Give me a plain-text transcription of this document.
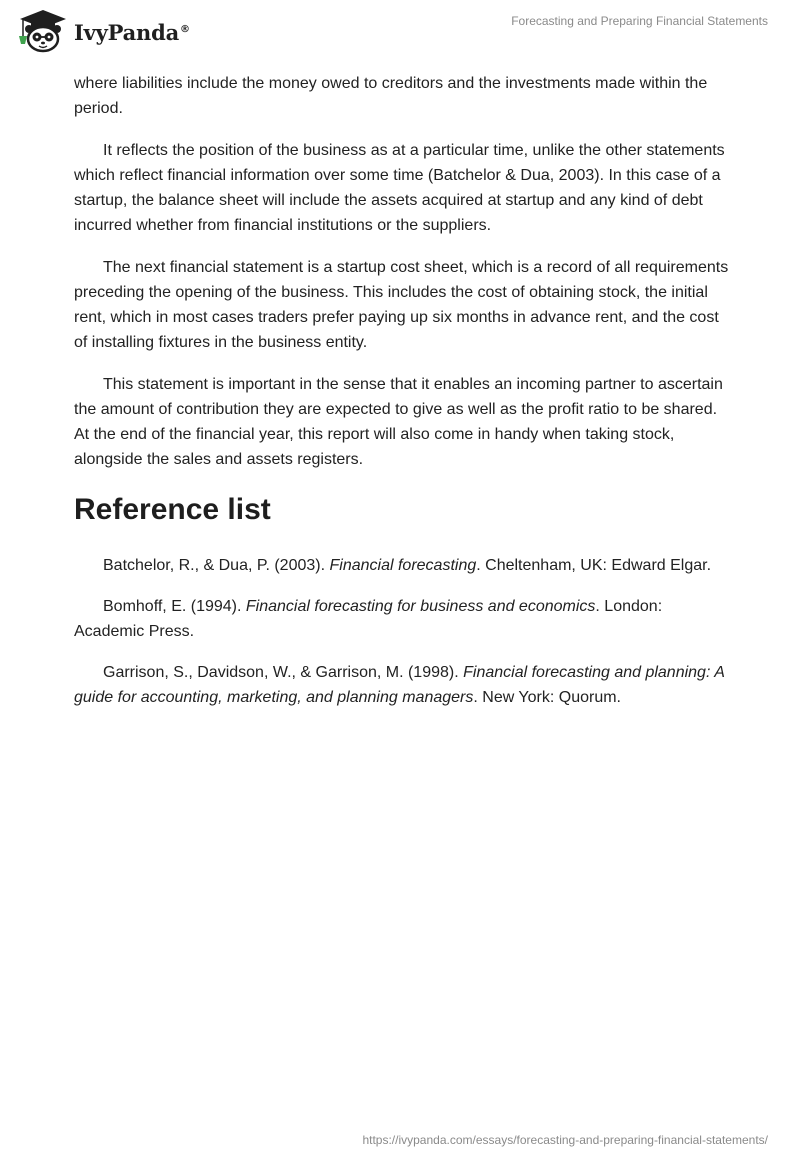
IvyPanda®
Forecasting and Preparing Financial Statements

where liabilities include the money owed to creditors and the investments made within the period.

It reflects the position of the business as at a particular time, unlike the other statements which reflect financial information over some time (Batchelor & Dua, 2003). In this case of a startup, the balance sheet will include the assets acquired at startup and any kind of debt incurred whether from financial institutions or the suppliers.

The next financial statement is a startup cost sheet, which is a record of all requirements preceding the opening of the business. This includes the cost of obtaining stock, the initial rent, which in most cases traders prefer paying up six months in advance rent, and the cost of installing fixtures in the business entity.

This statement is important in the sense that it enables an incoming partner to ascertain the amount of contribution they are expected to give as well as the profit ratio to be shared. At the end of the financial year, this report will also come in handy when taking stock, alongside the sales and assets registers.

Reference list

Batchelor, R., & Dua, P. (2003). Financial forecasting. Cheltenham, UK: Edward Elgar.

Bomhoff, E. (1994). Financial forecasting for business and economics. London: Academic Press.

Garrison, S., Davidson, W., & Garrison, M. (1998). Financial forecasting and planning: A guide for accounting, marketing, and planning managers. New York: Quorum.

https://ivypanda.com/essays/forecasting-and-preparing-financial-statements/
